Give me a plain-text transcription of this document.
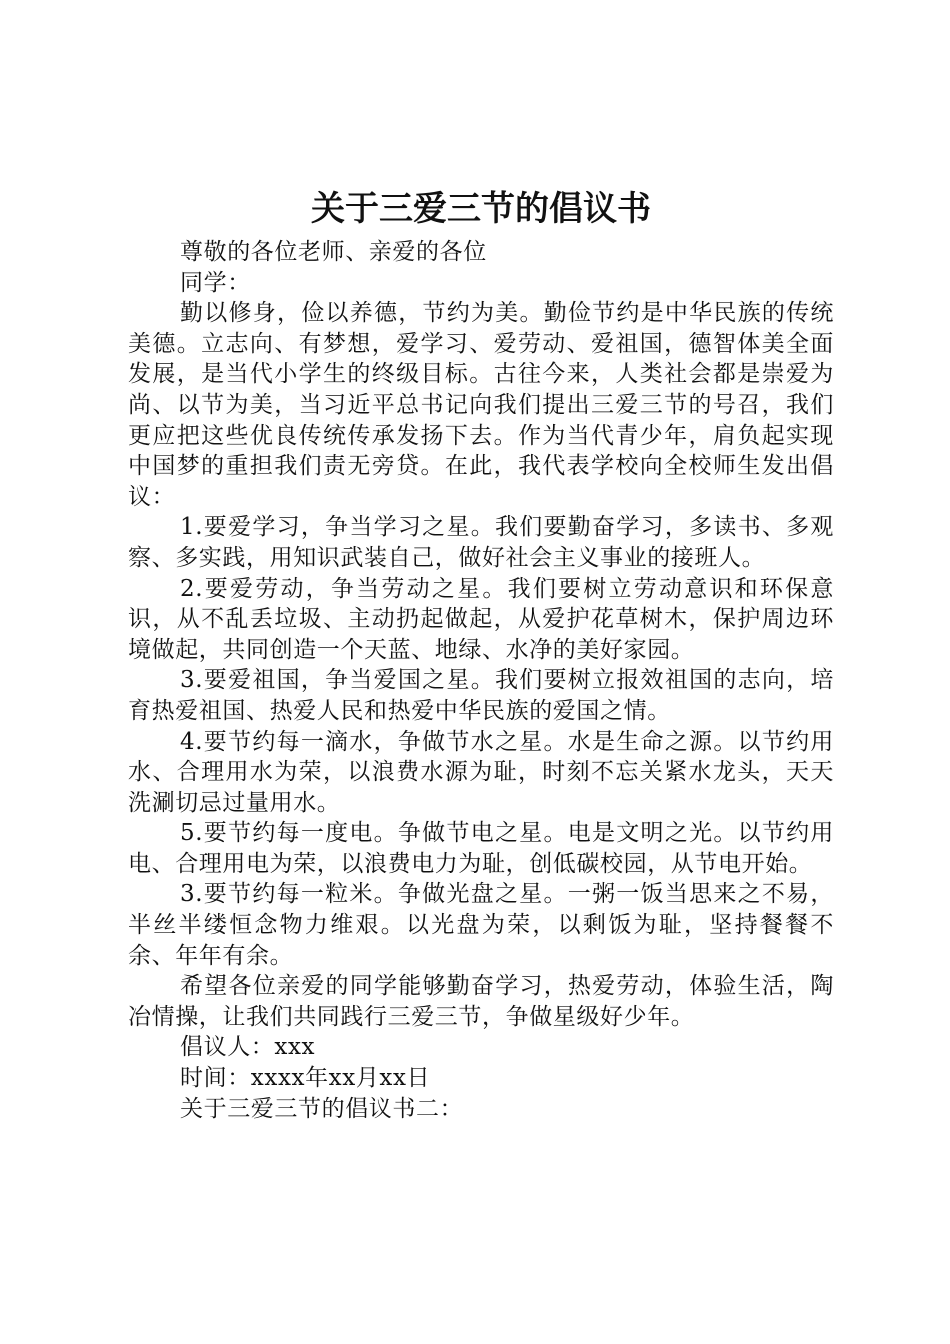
关于三爱三节的倡议书

尊敬的各位老师、亲爱的各位

同学：

勤以修身，俭以养德，节约为美。勤俭节约是中华民族的传统美德。立志向、有梦想，爱学习、爱劳动、爱祖国，德智体美全面发展，是当代小学生的终级目标。古往今来，人类社会都是崇爱为尚、以节为美，当习近平总书记向我们提出三爱三节的号召，我们更应把这些优良传统传承发扬下去。作为当代青少年，肩负起实现中国梦的重担我们责无旁贷。在此，我代表学校向全校师生发出倡议：

1.要爱学习，争当学习之星。我们要勤奋学习，多读书、多观察、多实践，用知识武装自己，做好社会主义事业的接班人。

2.要爱劳动，争当劳动之星。我们要树立劳动意识和环保意识，从不乱丢垃圾、主动扔起做起，从爱护花草树木，保护周边环境做起，共同创造一个天蓝、地绿、水净的美好家园。

3.要爱祖国，争当爱国之星。我们要树立报效祖国的志向，培育热爱祖国、热爱人民和热爱中华民族的爱国之情。

4.要节约每一滴水，争做节水之星。水是生命之源。以节约用水、合理用水为荣，以浪费水源为耻，时刻不忘关紧水龙头，天天洗涮切忌过量用水。

5.要节约每一度电。争做节电之星。电是文明之光。以节约用电、合理用电为荣，以浪费电力为耻，创低碳校园，从节电开始。

3.要节约每一粒米。争做光盘之星。一粥一饭当思来之不易，半丝半缕恒念物力维艰。以光盘为荣，以剩饭为耻，坚持餐餐不余、年年有余。

希望各位亲爱的同学能够勤奋学习，热爱劳动，体验生活，陶冶情操，让我们共同践行三爱三节，争做星级好少年。

倡议人：xxx

时间：xxxx年xx月xx日

关于三爱三节的倡议书二：
